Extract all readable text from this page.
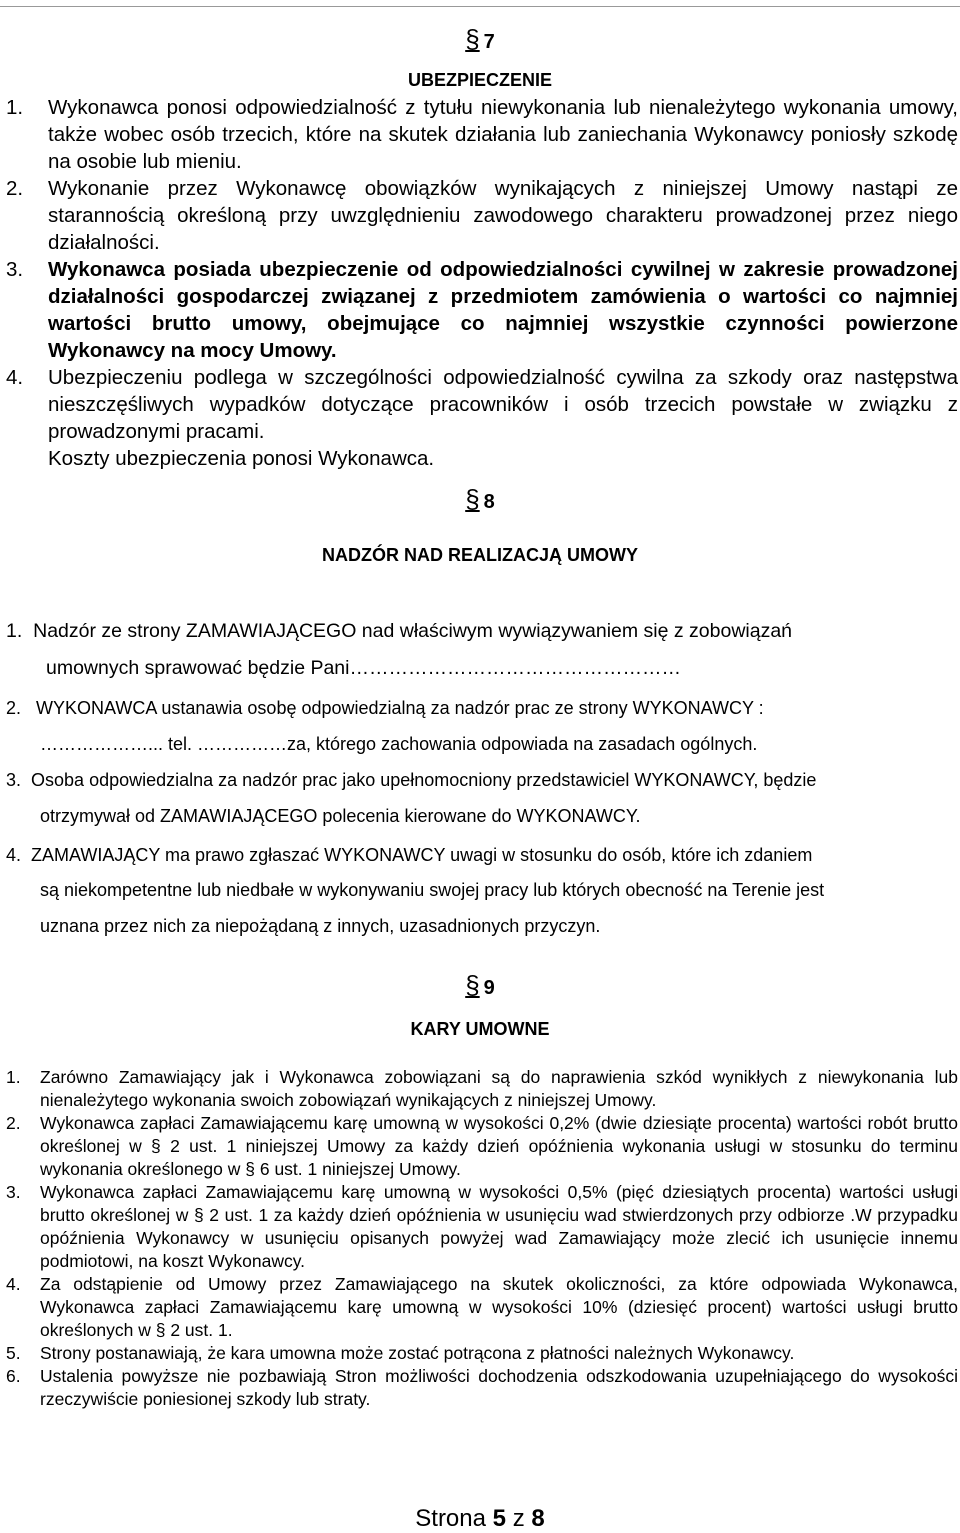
§ 7
UBEZPIECZENIE
1. Wykonawca ponosi odpowiedzialność z tytułu niewykonania lub nienależytego wykonania umowy, także wobec osób trzecich, które na skutek działania lub zaniechania Wykonawcy poniosły szkodę na osobie lub mieniu.
2. Wykonanie przez Wykonawcę obowiązków wynikających z niniejszej Umowy nastąpi ze starannością określoną przy uwzględnieniu zawodowego charakteru prowadzonej przez niego działalności.
3. Wykonawca posiada ubezpieczenie od odpowiedzialności cywilnej w zakresie prowadzonej działalności gospodarczej związanej z przedmiotem zamówienia o wartości co najmniej wartości brutto umowy, obejmujące co najmniej wszystkie czynności powierzone Wykonawcy na mocy Umowy.
4. Ubezpieczeniu podlega w szczególności odpowiedzialność cywilna za szkody oraz następstwa nieszczęśliwych wypadków dotyczące pracowników i osób trzecich powstałe w związku z prowadzonymi pracami.
Koszty ubezpieczenia ponosi Wykonawca.
§ 8
NADZÓR NAD REALIZACJĄ UMOWY
1. Nadzór ze strony ZAMAWIAJĄCEGO nad właściwym wywiązywaniem się z zobowiązań
umownych sprawować będzie Pani……………………………………………
2. WYKONAWCA ustanawia osobę odpowiedzialną za nadzór prac ze strony WYKONAWCY :
………………... tel. ……………za, którego zachowania odpowiada na zasadach ogólnych.
3. Osoba odpowiedzialna za nadzór prac jako upełnomocniony przedstawiciel WYKONAWCY, będzie
otrzymywał od ZAMAWIAJĄCEGO polecenia kierowane do WYKONAWCY.
4. ZAMAWIAJĄCY ma prawo zgłaszać WYKONAWCY uwagi w stosunku do osób, które ich zdaniem
są niekompetentne lub niedbałe w wykonywaniu swojej pracy lub których obecność na Terenie jest
uznana przez nich za niepożądaną z innych, uzasadnionych przyczyn.
§ 9
KARY UMOWNE
1. Zarówno Zamawiający jak i Wykonawca zobowiązani są do naprawienia szkód wynikłych z niewykonania lub nienależytego wykonania swoich zobowiązań wynikających z niniejszej Umowy.
2. Wykonawca zapłaci Zamawiającemu karę umowną w wysokości 0,2% (dwie dziesiąte procenta) wartości robót brutto określonej w § 2 ust. 1 niniejszej Umowy za każdy dzień opóźnienia wykonania usługi w stosunku do terminu wykonania określonego w § 6 ust. 1 niniejszej Umowy.
3. Wykonawca zapłaci Zamawiającemu karę umowną w wysokości 0,5% (pięć dziesiątych procenta) wartości usługi brutto określonej w § 2 ust. 1 za każdy dzień opóźnienia w usunięciu wad stwierdzonych przy odbiorze .W przypadku opóźnienia Wykonawcy w usunięciu opisanych powyżej wad Zamawiający może zlecić ich usunięcie innemu podmiotowi, na koszt Wykonawcy.
4. Za odstąpienie od Umowy przez Zamawiającego na skutek okoliczności, za które odpowiada Wykonawca, Wykonawca zapłaci Zamawiającemu karę umowną w wysokości 10% (dziesięć procent) wartości usługi brutto określonych w § 2 ust. 1.
5. Strony postanawiają, że kara umowna może zostać potrącona z płatności należnych Wykonawcy.
6. Ustalenia powyższe nie pozbawiają Stron możliwości dochodzenia odszkodowania uzupełniającego do wysokości rzeczywiście poniesionej szkody lub straty.
Strona 5 z 8
